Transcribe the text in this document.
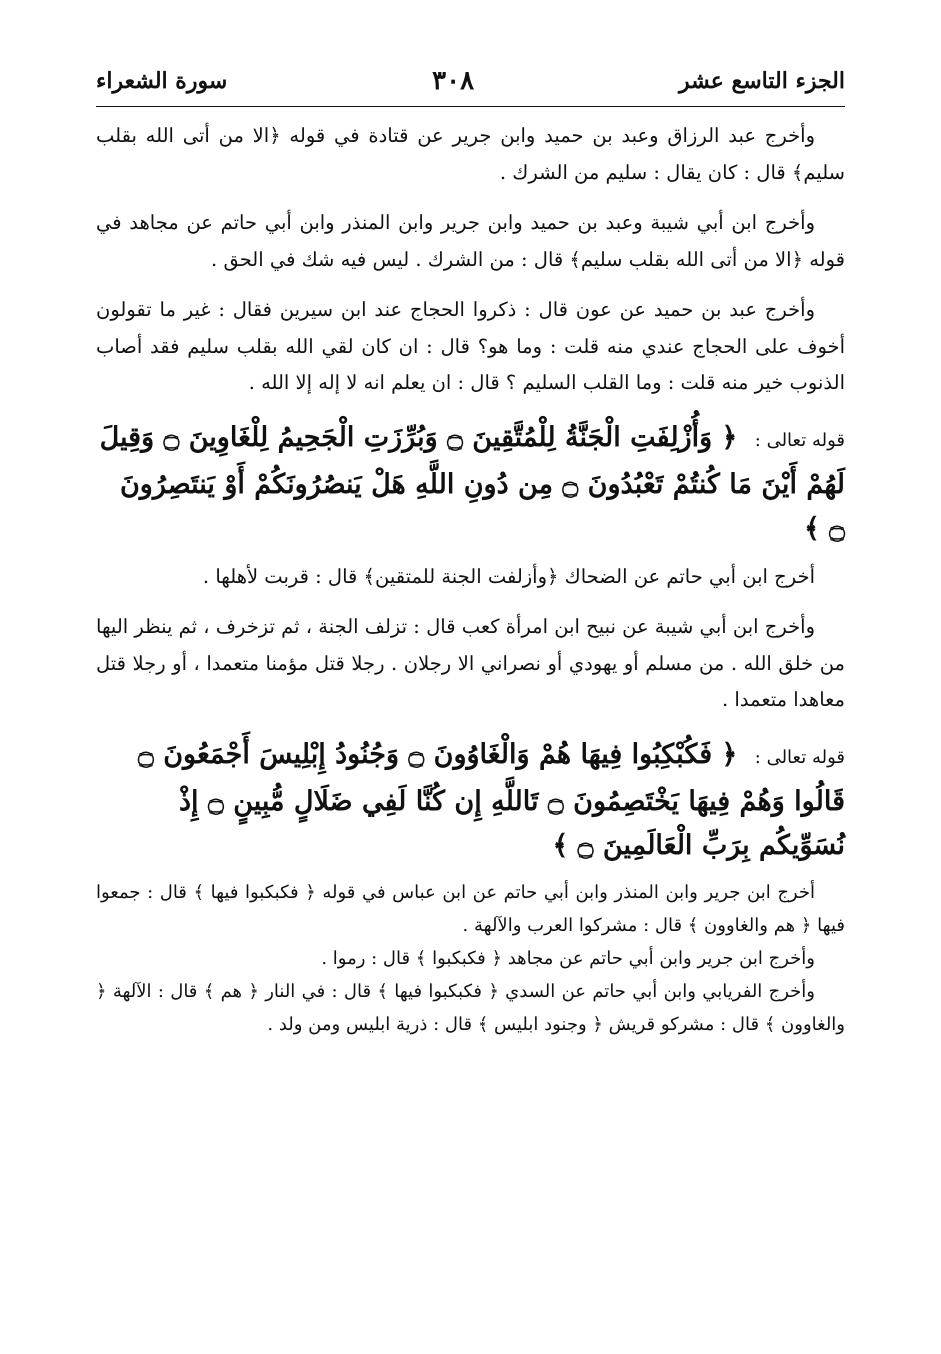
الجزء التاسع عشر
٣٠٨
سورة الشعراء

وأخرج عبد الرزاق وعبد بن حميد وابن جرير عن قتادة في قوله ﴿الا من أتى الله بقلب سليم﴾ قال : كان يقال : سليم من الشرك .

وأخرج ابن أبي شيبة وعبد بن حميد وابن جرير وابن المنذر وابن أبي حاتم عن مجاهد في قوله ﴿الا من أتى الله بقلب سليم﴾ قال : من الشرك . ليس فيه شك في الحق .

وأخرج عبد بن حميد عن عون قال : ذكروا الحجاج عند ابن سيرين فقال : غير ما تقولون أخوف على الحجاج عندي منه قلت : وما هو؟ قال : ان كان لقي الله بقلب سليم فقد أصاب الذنوب خير منه قلت : وما القلب السليم ؟ قال : ان يعلم انه لا إله إلا الله .

قوله تعالى : ﴿ وَأُزْلِفَتِ الْجَنَّةُ لِلْمُتَّقِينَ ۝ وَبُرِّزَتِ الْجَحِيمُ لِلْغَاوِينَ ۝ وَقِيلَ لَهُمْ أَيْنَ مَا كُنتُمْ تَعْبُدُونَ ۝ مِن دُونِ اللَّهِ هَلْ يَنصُرُونَكُمْ أَوْ يَنتَصِرُونَ ۝ ﴾

أخرج ابن أبي حاتم عن الضحاك ﴿وأزلفت الجنة للمتقين﴾ قال : قربت لأهلها .

وأخرج ابن أبي شيبة عن نبيح ابن امرأة كعب قال : تزلف الجنة ، ثم تزخرف ، ثم ينظر اليها من خلق الله . من مسلم أو يهودي أو نصراني الا رجلان . رجلا قتل مؤمنا متعمدا ، أو رجلا قتل معاهدا متعمدا .

قوله تعالى : ﴿ فَكُبْكِبُوا فِيهَا هُمْ وَالْغَاوُونَ ۝ وَجُنُودُ إِبْلِيسَ أَجْمَعُونَ ۝ قَالُوا وَهُمْ فِيهَا يَخْتَصِمُونَ ۝ تَاللَّهِ إِن كُنَّا لَفِي ضَلَالٍ مُّبِينٍ ۝ إِذْ نُسَوِّيكُم بِرَبِّ الْعَالَمِينَ ۝ ﴾

أخرج ابن جرير وابن المنذر وابن أبي حاتم عن ابن عباس في قوله ﴿ فكبكبوا فيها ﴾ قال : جمعوا فيها ﴿ هم والغاوون ﴾ قال : مشركوا العرب والآلهة .

وأخرج ابن جرير وابن أبي حاتم عن مجاهد ﴿ فكبكبوا ﴾ قال : رموا .

وأخرج الفريابي وابن أبي حاتم عن السدي ﴿ فكبكبوا فيها ﴾ قال : في النار ﴿ هم ﴾ قال : الآلهة ﴿ والغاوون ﴾ قال : مشركو قريش ﴿ وجنود ابليس ﴾ قال : ذرية ابليس ومن ولد .
